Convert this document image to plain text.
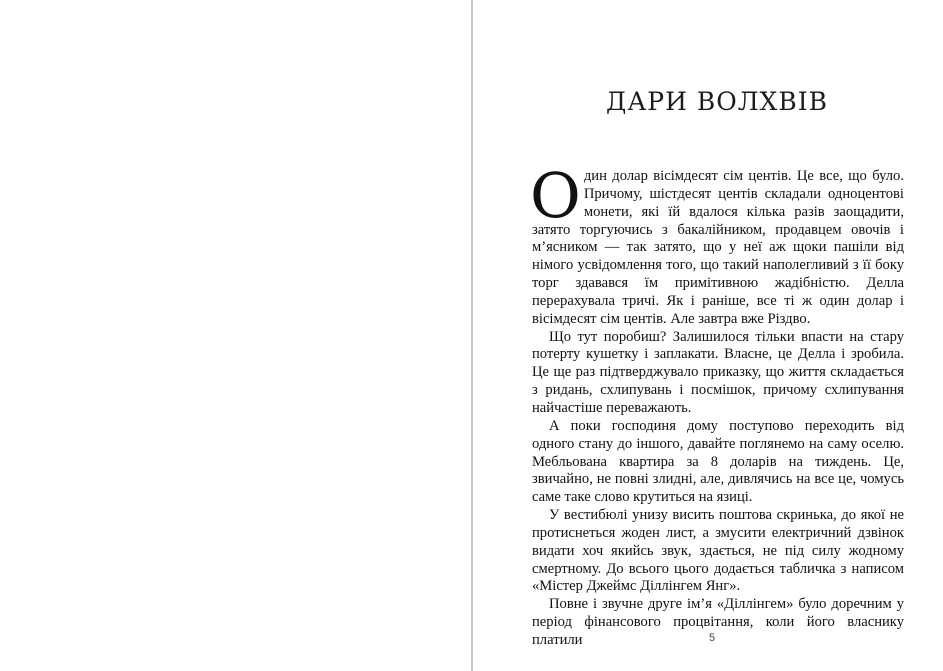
ДАРИ ВОЛХВІВ

Один долар вісімдесят сім центів. Це все, що було. Причому, шістдесят центів складали одноцентові монети, які їй вдалося кілька разів заощадити, затято торгуючись з бакалійником, продавцем овочів і м’ясником — так затято, що у неї аж щоки пашіли від німого усвідомлення того, що такий наполегливий з її боку торг здавався їм примітивною жадібністю. Делла перерахувала тричі. Як і раніше, все ті ж один долар і вісімдесят сім центів. Але завтра вже Різдво.

Що тут поробиш? Залишилося тільки впасти на стару потерту кушетку і заплакати. Власне, це Делла і зробила. Це ще раз підтверджувало приказку, що життя складається з ридань, схлипувань і посмішок, причому схлипування найчастіше переважають.

А поки господиня дому поступово переходить від одного стану до іншого, давайте поглянемо на саму оселю. Мебльована квартира за 8 доларів на тиждень. Це, звичайно, не повні злидні, але, дивлячись на все це, чомусь саме таке слово крутиться на язиці.

У вестибюлі унизу висить поштова скринька, до якої не протиснеться жоден лист, а змусити електричний дзвінок видати хоч якийсь звук, здається, не під силу жодному смертному. До всього цього додається табличка з написом «Містер Джеймс Діллінгем Янг».

Повне і звучне друге ім’я «Діллінгем» було доречним у період фінансового процвітання, коли його власнику платили	5
